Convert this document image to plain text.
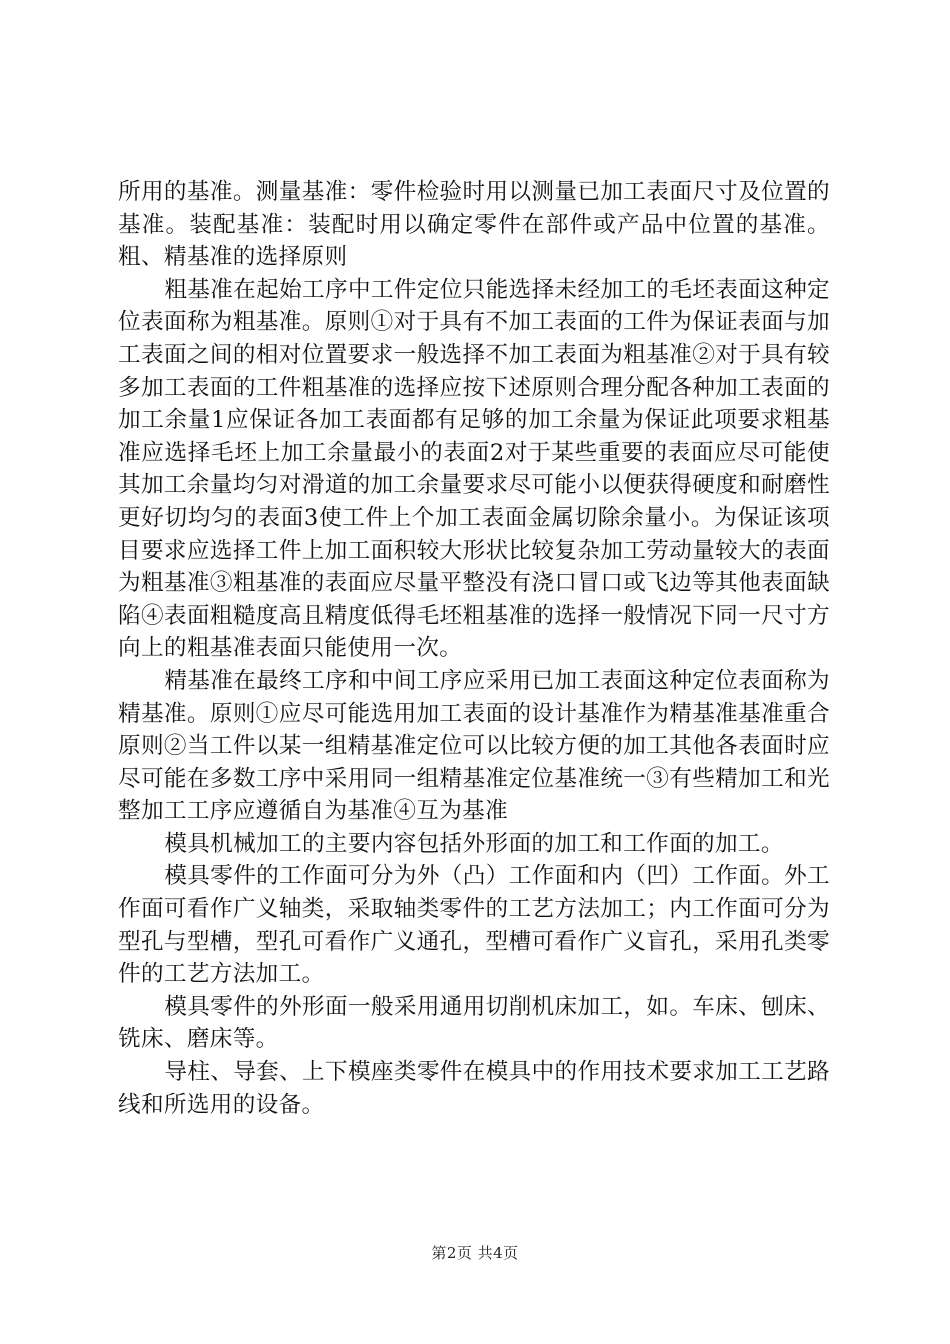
所用的基准。测量基准：零件检验时用以测量已加工表面尺寸及位置的基准。装配基准：装配时用以确定零件在部件或产品中位置的基准。粗、精基准的选择原则

粗基准在起始工序中工件定位只能选择未经加工的毛坯表面这种定位表面称为粗基准。原则①对于具有不加工表面的工件为保证表面与加工表面之间的相对位置要求一般选择不加工表面为粗基准②对于具有较多加工表面的工件粗基准的选择应按下述原则合理分配各种加工表面的加工余量1应保证各加工表面都有足够的加工余量为保证此项要求粗基准应选择毛坯上加工余量最小的表面2对于某些重要的表面应尽可能使其加工余量均匀对滑道的加工余量要求尽可能小以便获得硬度和耐磨性更好切均匀的表面3使工件上个加工表面金属切除余量小。为保证该项目要求应选择工件上加工面积较大形状比较复杂加工劳动量较大的表面为粗基准③粗基准的表面应尽量平整没有浇口冒口或飞边等其他表面缺陷④表面粗糙度高且精度低得毛坯粗基准的选择一般情况下同一尺寸方向上的粗基准表面只能使用一次。

精基准在最终工序和中间工序应采用已加工表面这种定位表面称为精基准。原则①应尽可能选用加工表面的设计基准作为精基准基准重合原则②当工件以某一组精基准定位可以比较方便的加工其他各表面时应尽可能在多数工序中采用同一组精基准定位基准统一③有些精加工和光整加工工序应遵循自为基准④互为基准

模具机械加工的主要内容包括外形面的加工和工作面的加工。

模具零件的工作面可分为外（凸）工作面和内（凹）工作面。外工作面可看作广义轴类，采取轴类零件的工艺方法加工；内工作面可分为型孔与型槽，型孔可看作广义通孔，型槽可看作广义盲孔，采用孔类零件的工艺方法加工。

模具零件的外形面一般采用通用切削机床加工，如。车床、刨床、铣床、磨床等。

导柱、导套、上下模座类零件在模具中的作用技术要求加工工艺路线和所选用的设备。

第2页 共4页
